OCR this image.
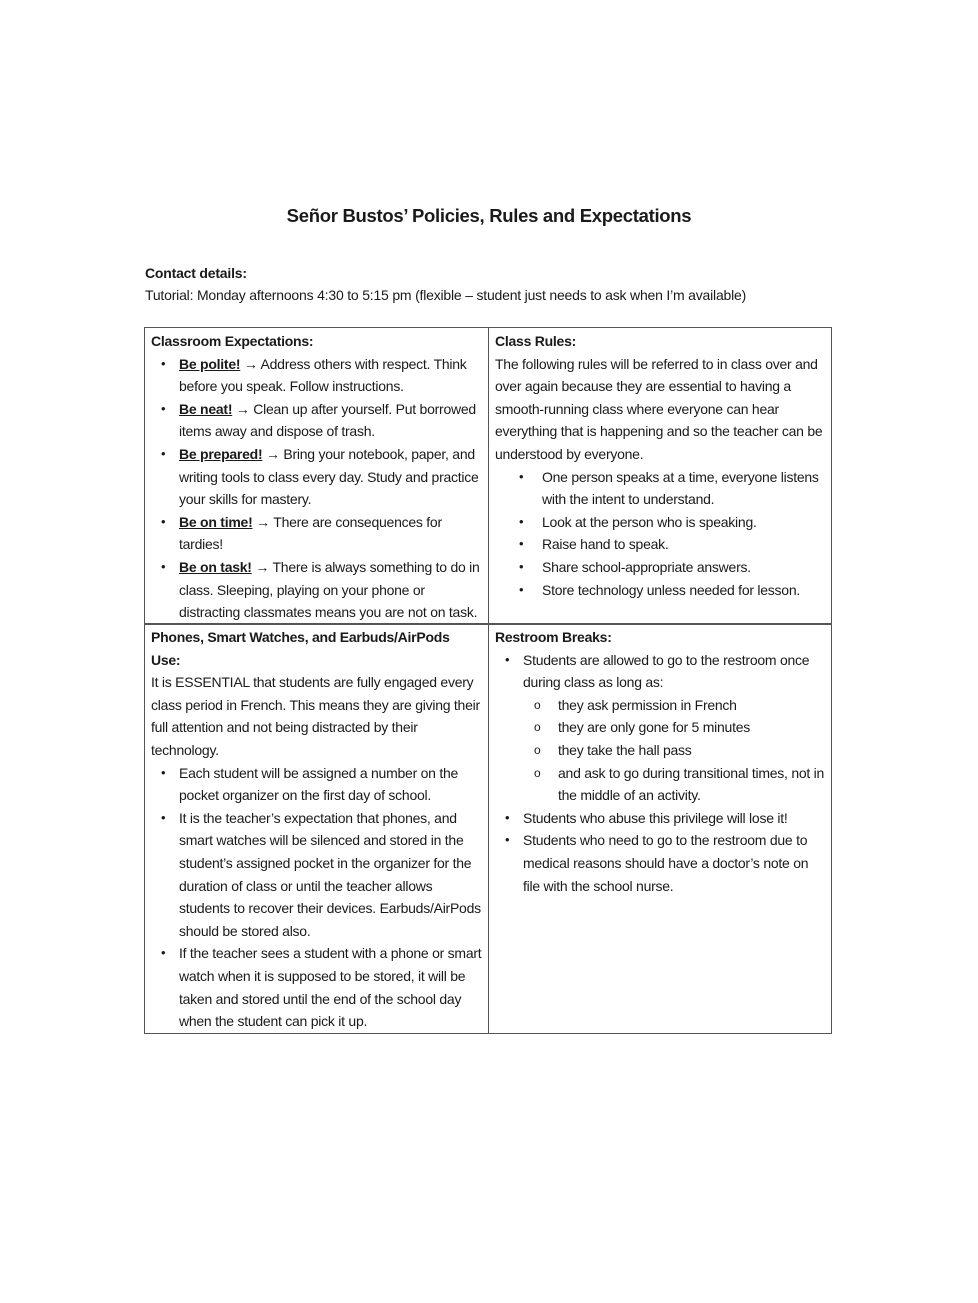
Señor Bustos’ Policies, Rules and Expectations
Contact details:
Tutorial: Monday afternoons 4:30 to 5:15 pm (flexible – student just needs to ask when I’m available)
Classroom Expectations:
• Be polite! → Address others with respect. Think before you speak. Follow instructions.
• Be neat! → Clean up after yourself. Put borrowed items away and dispose of trash.
• Be prepared! → Bring your notebook, paper, and writing tools to class every day. Study and practice your skills for mastery.
• Be on time! → There are consequences for tardies!
• Be on task! → There is always something to do in class. Sleeping, playing on your phone or distracting classmates means you are not on task.

Class Rules:
The following rules will be referred to in class over and over again because they are essential to having a smooth-running class where everyone can hear everything that is happening and so the teacher can be understood by everyone.
• One person speaks at a time, everyone listens with the intent to understand.
• Look at the person who is speaking.
• Raise hand to speak.
• Share school-appropriate answers.
• Store technology unless needed for lesson.
Phones, Smart Watches, and Earbuds/AirPods Use:
It is ESSENTIAL that students are fully engaged every class period in French. This means they are giving their full attention and not being distracted by their technology.
• Each student will be assigned a number on the pocket organizer on the first day of school.
• It is the teacher’s expectation that phones, and smart watches will be silenced and stored in the student’s assigned pocket in the organizer for the duration of class or until the teacher allows students to recover their devices. Earbuds/AirPods should be stored also.
• If the teacher sees a student with a phone or smart watch when it is supposed to be stored, it will be taken and stored until the end of the school day when the student can pick it up.

Restroom Breaks:
• Students are allowed to go to the restroom once during class as long as:
o they ask permission in French
o they are only gone for 5 minutes
o they take the hall pass
o and ask to go during transitional times, not in the middle of an activity.
• Students who abuse this privilege will lose it!
• Students who need to go to the restroom due to medical reasons should have a doctor’s note on file with the school nurse.
